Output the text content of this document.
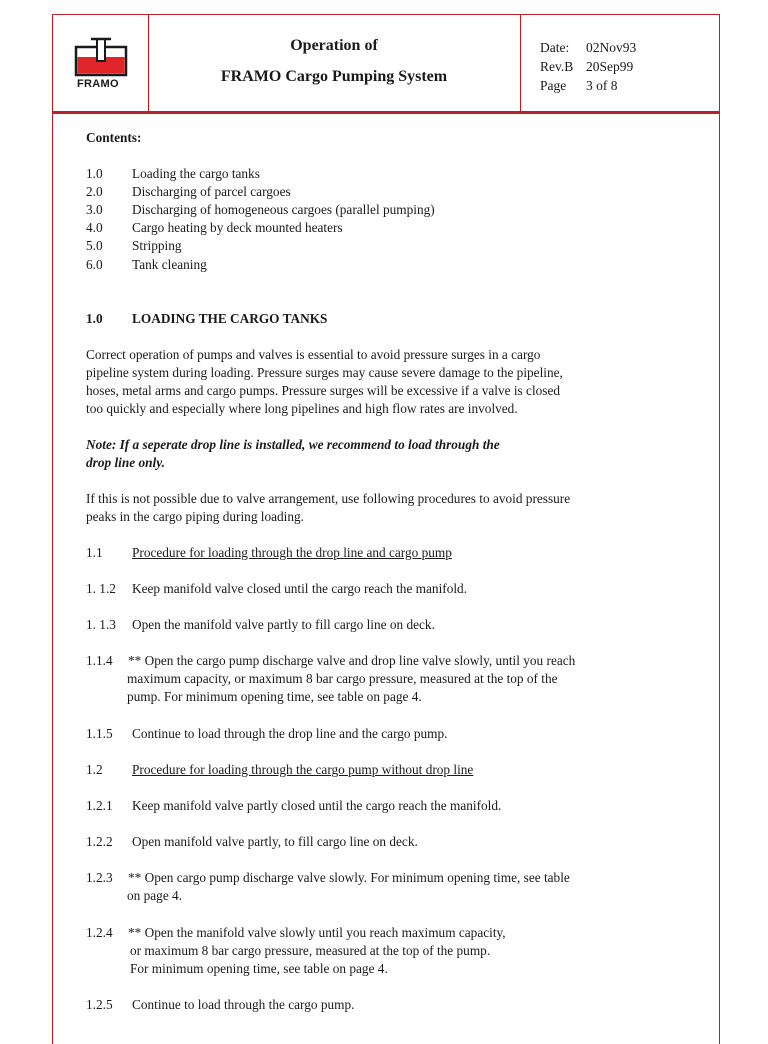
FRAMO
Operation of
FRAMO Cargo Pumping System
Date: 02Nov93
Rev.B 20Sep99
Page 3 of 8
Contents:
1.0 Loading the cargo tanks
2.0 Discharging of parcel cargoes
3.0 Discharging of homogeneous cargoes (parallel pumping)
4.0 Cargo heating by deck mounted heaters
5.0 Stripping
6.0 Tank cleaning
1.0 LOADING THE CARGO TANKS
Correct operation of pumps and valves is essential to avoid pressure surges in a cargo
pipeline system during loading. Pressure surges may cause severe damage to the pipeline,
hoses, metal arms and cargo pumps. Pressure surges will be excessive if a valve is closed
too quickly and especially where long pipelines and high flow rates are involved.
Note: If a seperate drop line is installed, we recommend to load through the
drop line only.
If this is not possible due to valve arrangement, use following procedures to avoid pressure
peaks in the cargo piping during loading.
1.1 Procedure for loading through the drop line and cargo pump
1. 1.2 Keep manifold valve closed until the cargo reach the manifold.
1. 1.3 Open the manifold valve partly to fill cargo line on deck.
1.1.4 ** Open the cargo pump discharge valve and drop line valve slowly, until you reach
maximum capacity, or maximum 8 bar cargo pressure, measured at the top of the
pump. For minimum opening time, see table on page 4.
1.1.5 Continue to load through the drop line and the cargo pump.
1.2 Procedure for loading through the cargo pump without drop line
1.2.1 Keep manifold valve partly closed until the cargo reach the manifold.
1.2.2 Open manifold valve partly, to fill cargo line on deck.
1.2.3 ** Open cargo pump discharge valve slowly. For minimum opening time, see table
on page 4.
1.2.4 ** Open the manifold valve slowly until you reach maximum capacity,
or maximum 8 bar cargo pressure, measured at the top of the pump.
For minimum opening time, see table on page 4.
1.2.5 Continue to load through the cargo pump.
